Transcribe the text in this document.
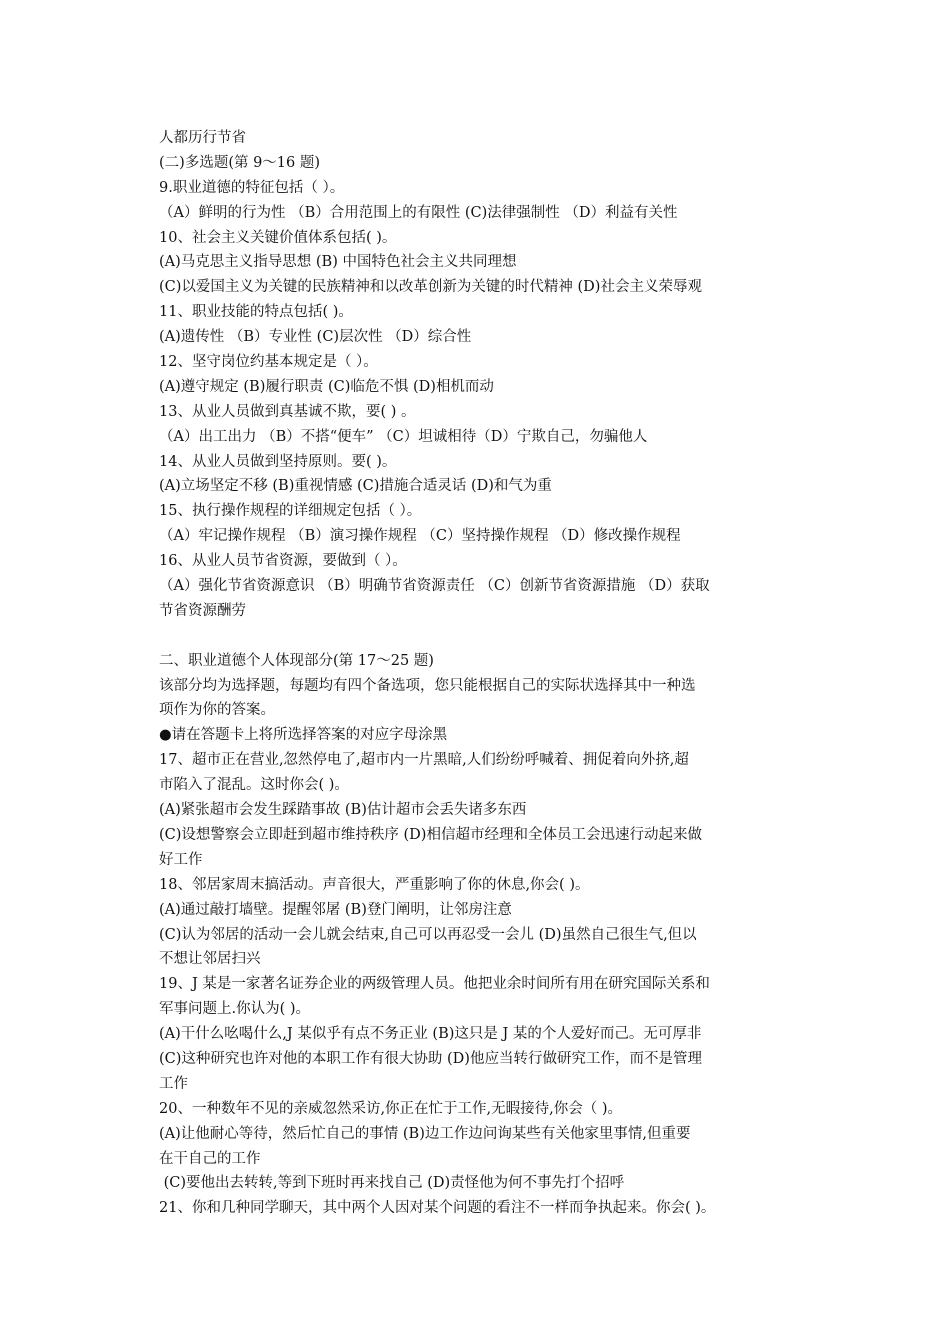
人都历行节省
(二)多选题(第 9～16 题)
9.职业道德的特征包括（ ）。
（A）鲜明的行为性 （B）合用范围上的有限性 (C)法律强制性 （D）利益有关性
10、社会主义关键价值体系包括( )。
(A)马克思主义指导思想 (B) 中国特色社会主义共同理想
(C)以爱国主义为关键的民族精神和以改革创新为关键的时代精神 (D)社会主义荣辱观
11、职业技能的特点包括( )。
(A)遗传性 （B）专业性 (C)层次性 （D）综合性
12、坚守岗位约基本规定是（ ）。
(A)遵守规定 (B)履行职责 (C)临危不惧 (D)相机而动
13、从业人员做到真基诚不欺，要( ) 。
（A）出工出力 （B）不搭“便车” （C）坦诚相待（D）宁欺自己，勿骗他人
14、从业人员做到坚持原则。要( )。
(A)立场坚定不移 (B)重视情感 (C)措施合适灵话 (D)和气为重
15、执行操作规程的详细规定包括（ ）。
（A）牢记操作规程 （B）演习操作规程 （C）坚持操作规程 （D）修改操作规程
16、从业人员节省资源，要做到（ ）。
（A）强化节省资源意识 （B）明确节省资源责任 （C）创新节省资源措施 （D）获取
节省资源酬劳
二、职业道德个人体现部分(第 17～25 题)
该部分均为选择题，每题均有四个备选项，您只能根据自己的实际状选择其中一种选
项作为你的答案。
●请在答题卡上将所选择答案的对应字母涂黑
17、超市正在营业,忽然停电了,超市内一片黑暗,人们纷纷呼喊着、拥促着向外挤,超
市陷入了混乱。这时你会( )。
(A)紧张超市会发生踩踏事故 (B)估计超市会丢失诸多东西
(C)设想警察会立即赶到超市维持秩序 (D)相信超市经理和全体员工会迅速行动起来做
好工作
18、邻居家周末搞活动。声音很大，严重影响了你的休息,你会( )。
(A)通过敲打墙壁。提醒邻屠 (B)登门阐明，让邻房注意
(C)认为邻居的活动一会儿就会结束,自己可以再忍受一会儿 (D)虽然自己很生气,但以
不想让邻居扫兴
19、J 某是一家著名证券企业的两级管理人员。他把业余时间所有用在研究国际关系和
军事问题上.你认为( )。
(A)干什么吆喝什么,J 某似乎有点不务正业 (B)这只是 J 某的个人爱好而己。无可厚非
(C)这种研究也许对他的本职工作有很大协助 (D)他应当转行做研究工作，而不是管理
工作
20、一种数年不见的亲威忽然采访,你正在忙于工作,无暇接待,你会（ )。
(A)让他耐心等待，然后忙自己的事情 (B)边工作边问询某些有关他家里事情,但重要
在干自己的工作
(C)要他出去转转,等到下班时再来找自己 (D)责怪他为何不事先打个招呼
21、你和几种同学聊天，其中两个人因对某个问题的看注不一样而争执起来。你会( )。
